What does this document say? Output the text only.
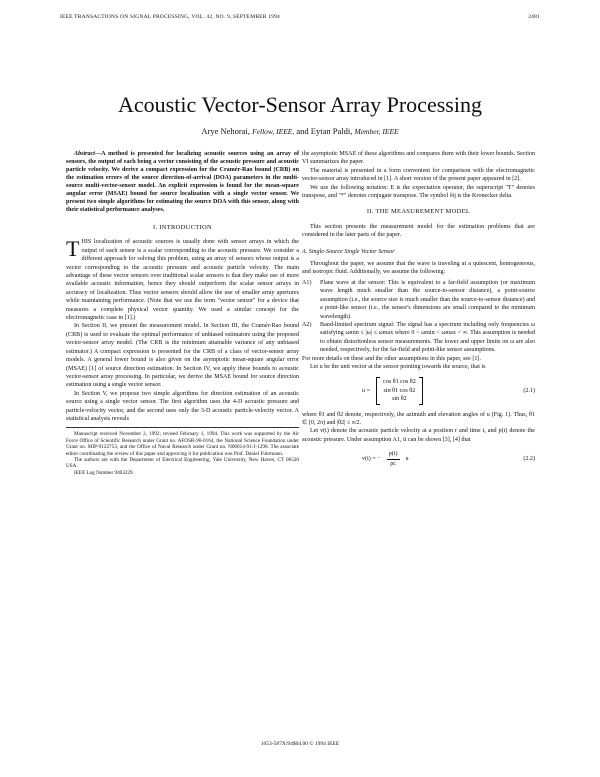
IEEE TRANSACTIONS ON SIGNAL PROCESSING, VOL. 42, NO. 9, SEPTEMBER 1994	2481
Acoustic Vector-Sensor Array Processing
Arye Nehorai, Fellow, IEEE, and Eytan Paldi, Member, IEEE

Abstract—A method is presented for localizing acoustic sources using an array of sensors, the output of each being a vector consisting of the acoustic pressure and acoustic particle velocity. We derive a compact expression for the Cramér-Rao bound (CRB) on the estimation errors of the source direction-of-arrival (DOA) parameters in the multi-source multi-vector-sensor model. An explicit expression is found for the mean-square angular error (MSAE) bound for source localization with a single vector sensor. We present two simple algorithms for estimating the source DOA with this sensor, along with their statistical performance analyses.

I. INTRODUCTION

THIS localization of acoustic sources is usually done with sensor arrays in which the output of each sensor is a scalar corresponding to the acoustic pressure. We consider a different approach for solving this problem, using an array of sensors whose output is a vector corresponding to the acoustic pressure and acoustic particle velocity. The main advantage of these vector sensors over traditional scalar sensors is that they make use of more available acoustic information, hence they should outperform the scalar sensor arrays in accuracy of localization. Thus vector sensors should allow the use of smaller array apertures while maintaining performance. (Note that we use the term "vector sensor" for a device that measures a complete physical vector quantity. We used a similar concept for the electromagnetic case in [1].)

In Section II, we present the measurement model. In Section III, the Cramér-Rao bound (CRB) is used to evaluate the optimal performance of unbiased estimators using the proposed vector-sensor array model. (The CRB is the minimum attainable variance of any unbiased estimator.) A compact expression is presented for the CRB of a class of vector-sensor array models. A general lower bound is also given on the asymptotic mean-square angular error (MSAE) [1] of source direction estimation. In Section IV, we apply these bounds to acoustic vector-sensor array processing. In particular, we derive the MSAE bound for source direction estimation using a single vector sensor.

In Section V, we propose two simple algorithms for direction estimation of an acoustic source using a single vector sensor. The first algorithm uses the 4-D acoustic pressure and particle-velocity vector, and the second uses only the 3-D acoustic particle-velocity vector. A statistical analysis reveals

Manuscript received November 2, 1992; revised February 1, 1994. This work was supported by the Air Force Office of Scientific Research under Grant no. AFOSR-90-0164, the National Science Foundation under Grant no. MIP-9122753, and the Office of Naval Research under Grant no. N00014-91-J-1298. The associate editor coordinating the review of this paper and approving it for publication was Prof. Daniel Fuhrmann.

The authors are with the Department of Electrical Engineering, Yale University, New Haven, CT 06520 USA.

IEEE Log Number 9403229.

the asymptotic MSAE of these algorithms and compares them with their lower bounds. Section VI summarizes the paper.

The material is presented in a form convenient for comparison with the electromagnetic vector-sensor array introduced in [1]. A short version of the present paper appeared in [2].

We use the following notation: E is the expectation operator, the superscript "T" denotes transpose, and "*" denotes conjugate transpose. The symbol δij is the Kronecker delta.

II. THE MEASUREMENT MODEL

This section presents the measurement model for the estimation problems that are considered in the later parts of the paper.

A. Single-Source Single Vector Sensor

Throughout the paper, we assume that the wave is traveling at a quiescent, homogeneous, and isotropic fluid. Additionally, we assume the following:

A1)	Plane wave at the sensor: This is equivalent to a far-field assumption (or maximum wave length much smaller than the source-to-sensor distance), a point-source assumption (i.e., the source size is much smaller than the source-to-sensor distance) and a point-like sensor (i.e., the sensor's dimensions are small compared to the minimum wavelength).
A2)	Band-limited spectrum signal: The signal has a spectrum including only frequencies ω satisfying ωmin ≤ |ω| ≤ ωmax where 0 < ωmin < ωmax < ∞. This assumption is needed to obtain distortionless sensor measurements. The lower and upper limits on ω are also needed, respectively, for the far-field and point-like sensor assumptions.

For more details on these and the other assumptions in this paper, see [1].

Let u be the unit vector at the sensor pointing towards the source, that is

u =
cos θ1 cos θ2
sin θ1 cos θ2
sin θ2
(2.1)

where θ1 and θ2 denote, respectively, the azimuth and elevation angles of u (Fig. 1). Thus, θ1 ∈ [0, 2π) and |θ2| ≤ π/2.

Let v(t) denote the acoustic particle velocity at a position r and time t, and p(t) denote the acoustic pressure. Under assumption A1, it can be shown [3], [4] that

v(t) = − $\frac{p(t)}{\rho c}$ u	(2.2)
1053-587X/94$04.00 © 1994 IEEE
